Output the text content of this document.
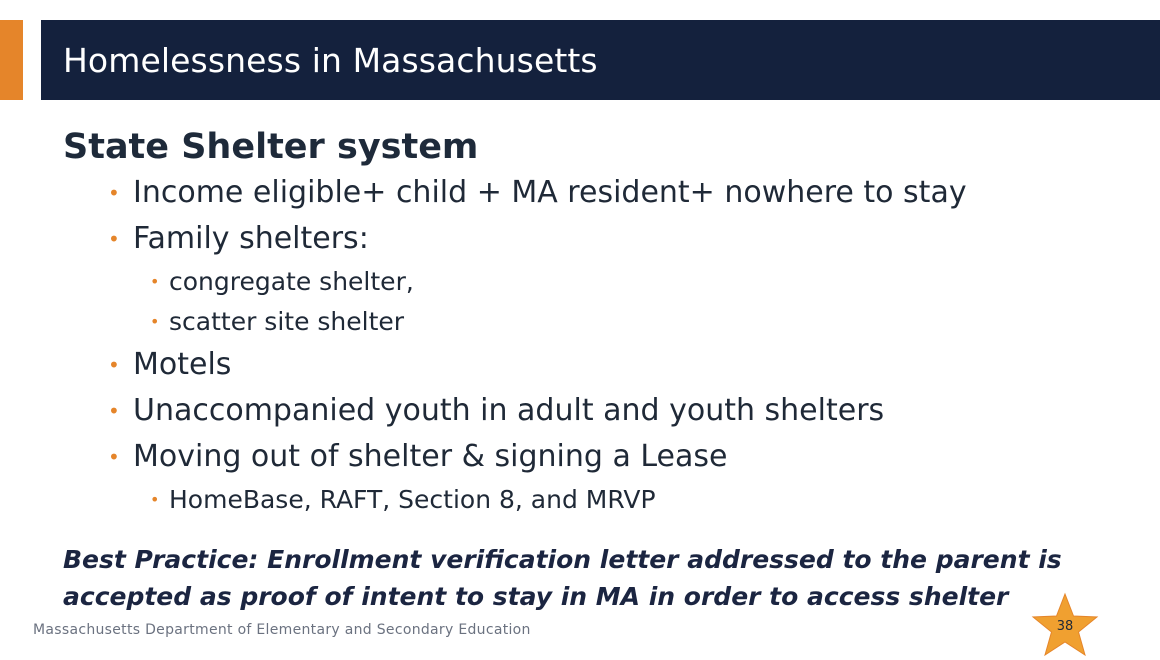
Homelessness in Massachusetts
State Shelter system
• Income eligible+ child + MA resident+ nowhere to stay
• Family shelters:
• congregate shelter,
• scatter site shelter
• Motels
• Unaccompanied youth in adult and youth shelters
• Moving out of shelter & signing a Lease
• HomeBase, RAFT, Section 8, and MRVP
Best Practice: Enrollment verification letter addressed to the parent is accepted as proof of intent to stay in MA in order to access shelter
Massachusetts Department of Elementary and Secondary Education	38
